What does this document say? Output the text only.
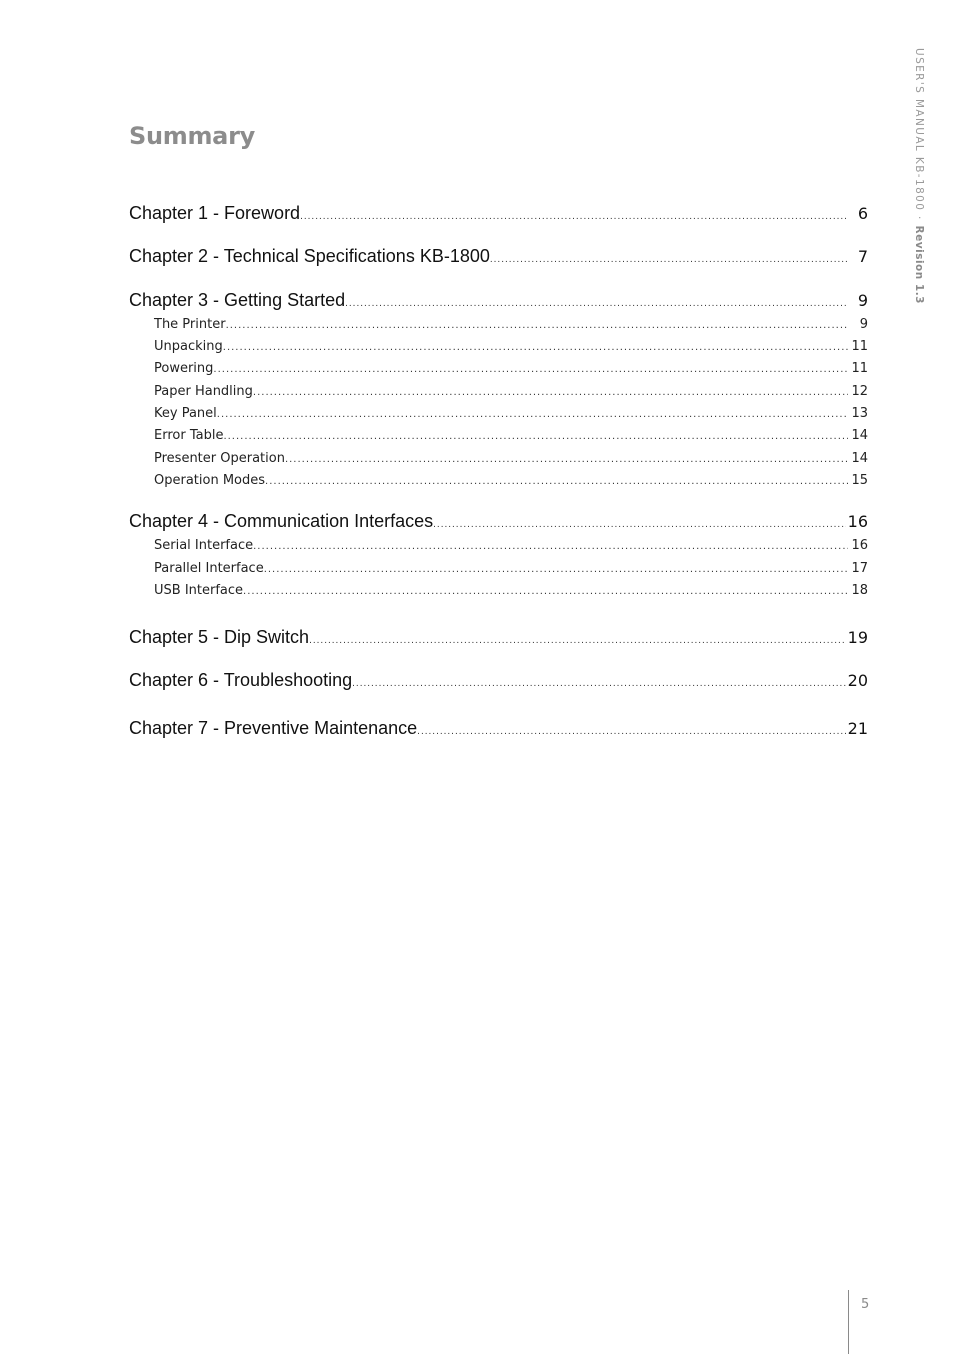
Summary	USER'S MANUAL KB-1800 · Revision 1.3
Chapter 1 - Foreword .....	6
Chapter 2 - Technical Specifications KB-1800 .....	7
Chapter 3 - Getting Started .....	9
The Printer .....	9
Unpacking .....	11
Powering .....	11
Paper Handling .....	12
Key Panel .....	13
Error Table .....	14
Presenter Operation .....	14
Operation Modes .....	15
Chapter 4 - Communication Interfaces .....	16
Serial Interface .....	16
Parallel Interface .....	17
USB Interface .....	18
Chapter 5 - Dip Switch .....	19
Chapter 6 - Troubleshooting .....	20
Chapter 7 - Preventive Maintenance .....	21
5
